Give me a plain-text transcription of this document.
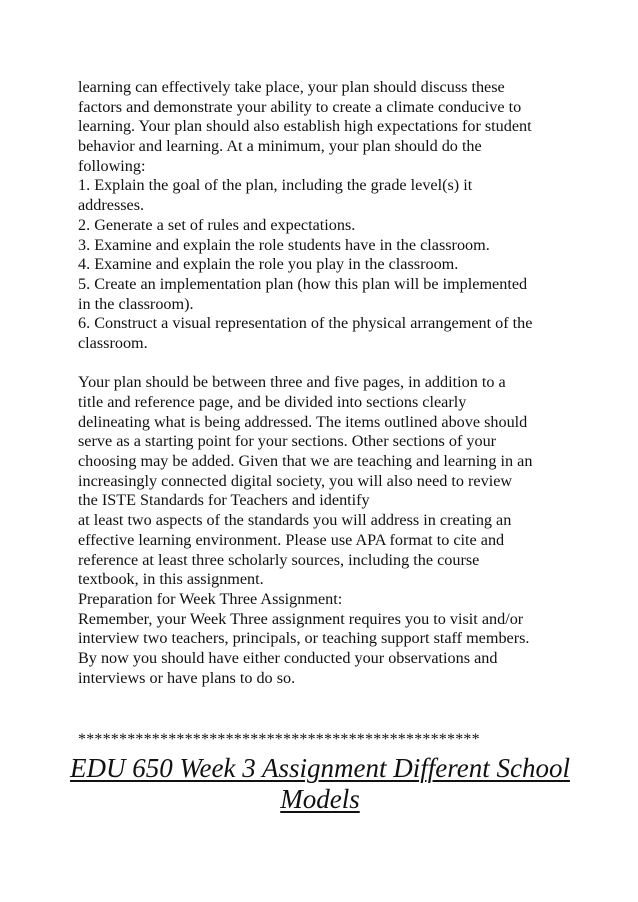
learning can effectively take place, your plan should discuss these
factors and demonstrate your ability to create a climate conducive to
learning. Your plan should also establish high expectations for student
behavior and learning. At a minimum, your plan should do the
following:
1. Explain the goal of the plan, including the grade level(s) it
addresses.
2. Generate a set of rules and expectations.
3. Examine and explain the role students have in the classroom.
4. Examine and explain the role you play in the classroom.
5. Create an implementation plan (how this plan will be implemented
in the classroom).
6. Construct a visual representation of the physical arrangement of the
classroom.
Your plan should be between three and five pages, in addition to a
title and reference page, and be divided into sections clearly
delineating what is being addressed. The items outlined above should
serve as a starting point for your sections. Other sections of your
choosing may be added. Given that we are teaching and learning in an
increasingly connected digital society, you will also need to review
the ISTE Standards for Teachers and identify
at least two aspects of the standards you will address in creating an
effective learning environment. Please use APA format to cite and
reference at least three scholarly sources, including the course
textbook, in this assignment.
Preparation for Week Three Assignment:
Remember, your Week Three assignment requires you to visit and/or
interview two teachers, principals, or teaching support staff members.
By now you should have either conducted your observations and
interviews or have plans to do so.
*************************************************
EDU 650 Week 3 Assignment Different School
Models
